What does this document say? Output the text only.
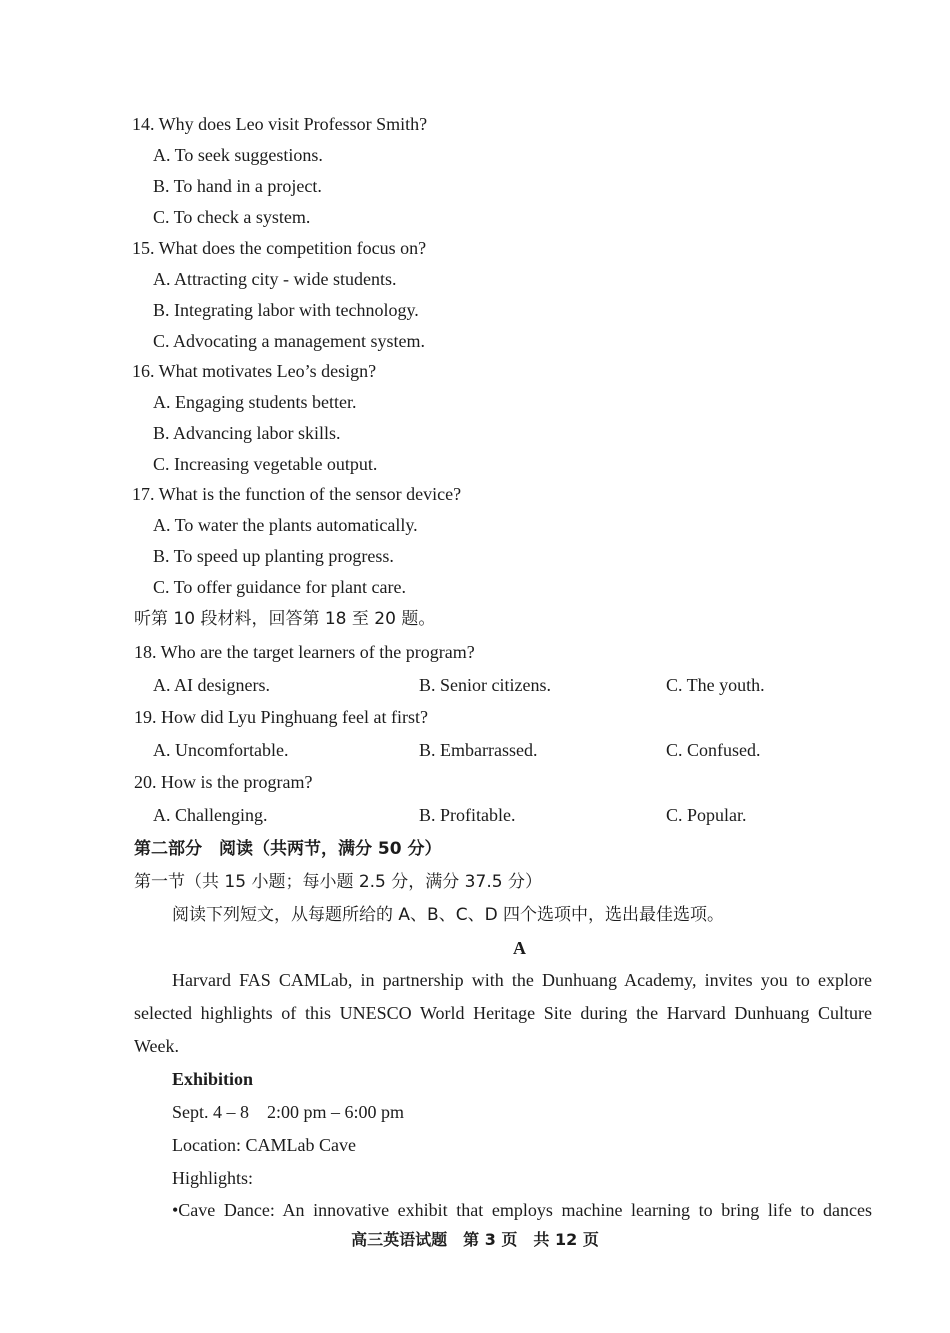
14. Why does Leo visit Professor Smith?
A. To seek suggestions.
B. To hand in a project.
C. To check a system.
15. What does the competition focus on?
A. Attracting city - wide students.
B. Integrating labor with technology.
C. Advocating a management system.
16. What motivates Leo’s design?
A. Engaging students better.
B. Advancing labor skills.
C. Increasing vegetable output.
17. What is the function of the sensor device?
A. To water the plants automatically.
B. To speed up planting progress.
C. To offer guidance for plant care.
听第 10 段材料，回答第 18 至 20 题。
18. Who are the target learners of the program?
A. AI designers.	B. Senior citizens.	C. The youth.
19. How did Lyu Pinghuang feel at first?
A. Uncomfortable.	B. Embarrassed.	C. Confused.
20. How is the program?
A. Challenging.	B. Profitable.	C. Popular.
第二部分　阅读（共两节，满分 50 分）
第一节（共 15 小题；每小题 2.5 分，满分 37.5 分）
阅读下列短文，从每题所给的 A、B、C、D 四个选项中，选出最佳选项。
A
Harvard FAS CAMLab, in partnership with the Dunhuang Academy, invites you to explore
selected highlights of this UNESCO World Heritage Site during the Harvard Dunhuang Culture
Week.
Exhibition
Sept. 4 – 8　2:00 pm – 6:00 pm
Location: CAMLab Cave
Highlights:
•Cave Dance: An innovative exhibit that employs machine learning to bring life to dances
高三英语试题　第 3 页　共 12 页
